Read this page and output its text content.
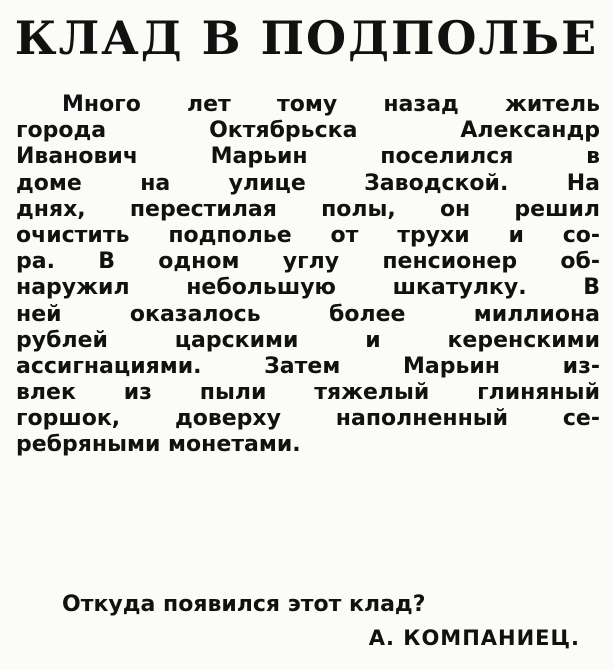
КЛАД В ПОДПОЛЬЕ
Много лет тому назад житель
города Октябрьска Александр
Иванович Марьин поселился в
доме на улице Заводской. На
днях, перестилая полы, он решил
очистить подполье от трухи и со-
ра. В одном углу пенсионер об-
наружил небольшую шкатулку. В
ней оказалось более миллиона
рублей царскими и керенскими
ассигнациями. Затем Марьин из-
влек из пыли тяжелый глиняный
горшок, доверху наполненный се-
ребряными монетами.
Откуда появился этот клад?
А. КОМПАНИЕЦ.
